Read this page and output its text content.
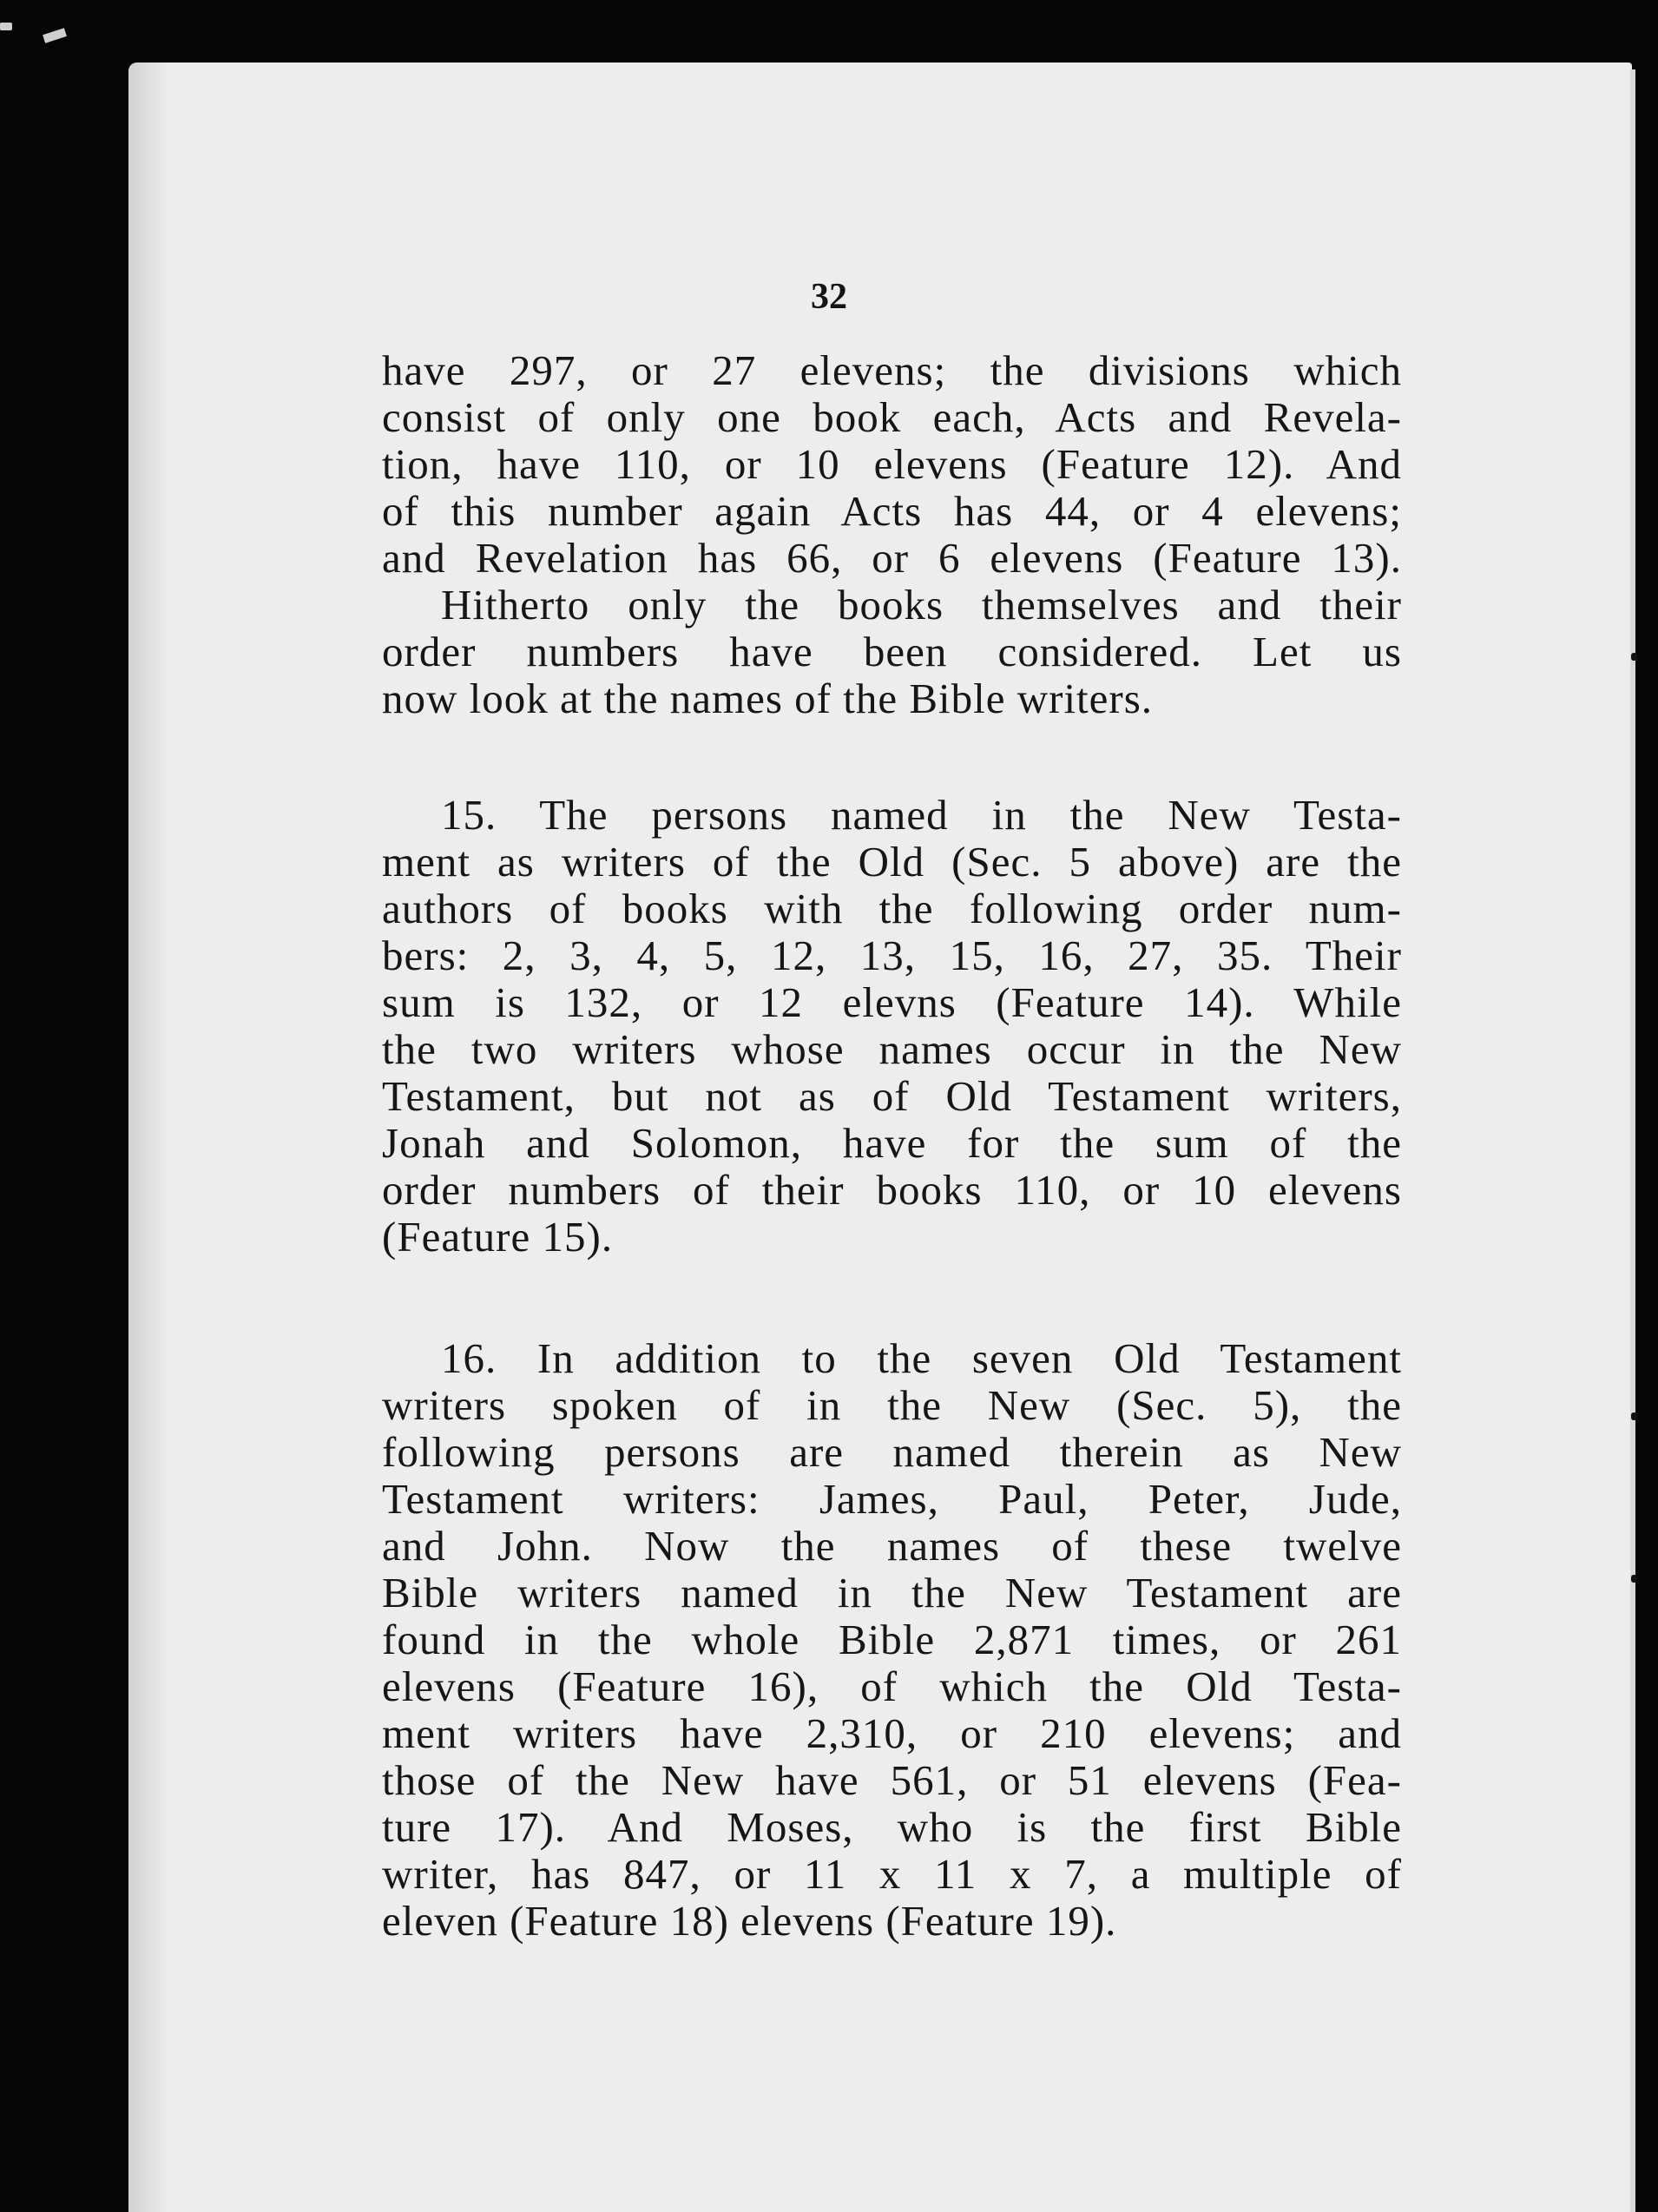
32
have 297, or 27 elevens; the divisions which
consist of only one book each, Acts and Revela-
tion, have 110, or 10 elevens (Feature 12). And
of this number again Acts has 44, or 4 elevens;
and Revelation has 66, or 6 elevens (Feature 13).
Hitherto only the books themselves and their
order numbers have been considered. Let us
now look at the names of the Bible writers.
15. The persons named in the New Testa-
ment as writers of the Old (Sec. 5 above) are the
authors of books with the following order num-
bers: 2, 3, 4, 5, 12, 13, 15, 16, 27, 35. Their
sum is 132, or 12 elevns (Feature 14). While
the two writers whose names occur in the New
Testament, but not as of Old Testament writers,
Jonah and Solomon, have for the sum of the
order numbers of their books 110, or 10 elevens
(Feature 15).
16. In addition to the seven Old Testament
writers spoken of in the New (Sec. 5), the
following persons are named therein as New
Testament writers: James, Paul, Peter, Jude,
and John. Now the names of these twelve
Bible writers named in the New Testament are
found in the whole Bible 2,871 times, or 261
elevens (Feature 16), of which the Old Testa-
ment writers have 2,310, or 210 elevens; and
those of the New have 561, or 51 elevens (Fea-
ture 17). And Moses, who is the first Bible
writer, has 847, or 11 x 11 x 7, a multiple of
eleven (Feature 18) elevens (Feature 19).
